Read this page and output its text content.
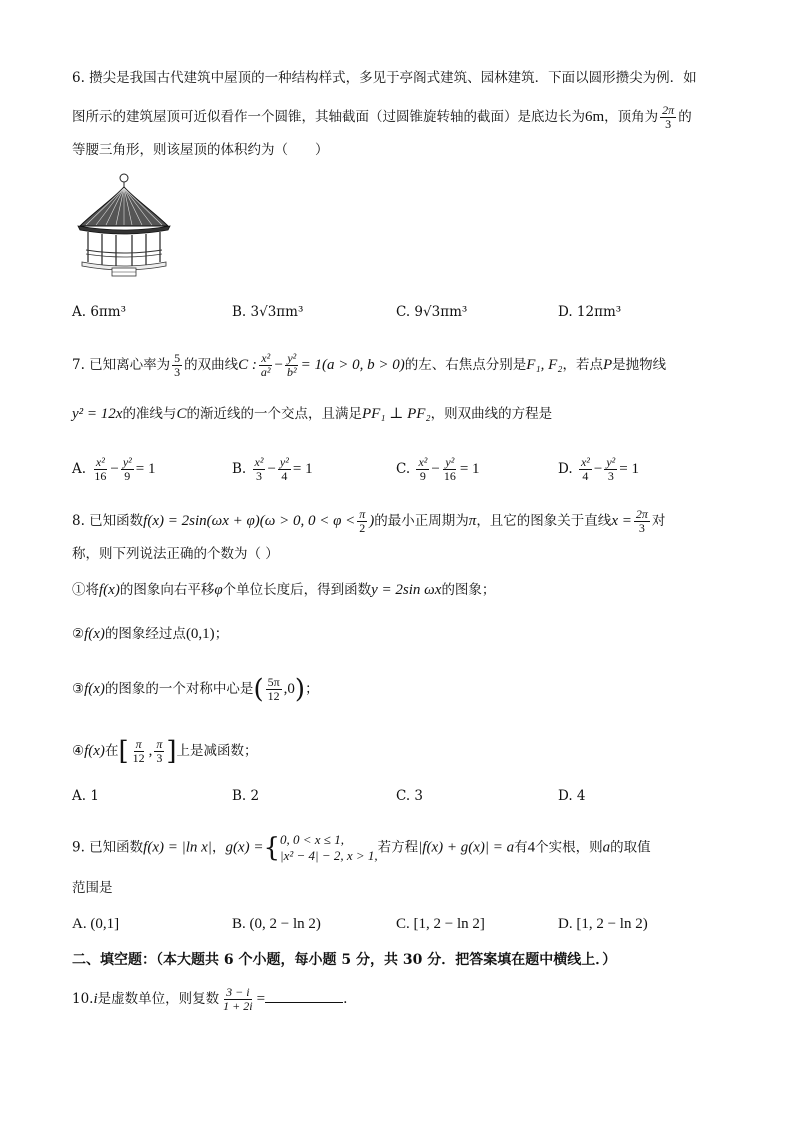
6. 攒尖是我国古代建筑中屋顶的一种结构样式，多见于亭阁式建筑、园林建筑．下面以圆形攒尖为例．如
图所示的建筑屋顶可近似看作一个圆锥，其轴截面（过圆锥旋转轴的截面）是底边长为6m，顶角为 $\frac{2\pi}{3}$ 的
等腰三角形，则该屋顶的体积约为（　　）
A. 6πm³	B. 3√3πm³	C. 9√3πm³	D. 12πm³
7. 已知离心率为 $\frac{5}{3}$ 的双曲线C : $\frac{\text{x²}}{\text{a²}} - \frac{\text{y²}}{\text{b²}} = 1(a > 0$, b > 0)的左、右焦点分别是F₁, F₂，若点P是抛物线
y² = 12x的准线与C的渐近线的一个交点，且满足PF₁ ⊥ PF₂，则双曲线的方程是
A. $\frac{\text{x²}}{16} - \frac{\text{y²}}{9} = 1$	B. $\frac{\text{x²}}{3} - \frac{\text{y²}}{4} = 1$	C. $\frac{\text{x²}}{9} - \frac{\text{y²}}{16} = 1$	D. $\frac{\text{x²}}{4} - \frac{\text{y²}}{3} = 1$
8. 已知函数f(x) = 2sin(ωx + φ)(ω > 0, $0 < \varphi < \frac{\pi}{2}$ )的最小正周期为π，且它的图象关于直线$x = \frac{2\pi}{3}$ 对
称，则下列说法正确的个数为（ ）
①将f(x)的图象向右平移φ个单位长度后，得到函数y = 2sin ωx的图象；
②f(x)的图象经过点(0,1)；
③f(x)的图象的一个对称中心是( $\frac{5\pi}{12} ,0$)；
④f(x)在[ $\frac{\pi}{12}$ , $\frac{\pi}{3}$ ]上是减函数；
A. 1	B. 2	C. 3	D. 4
9. 已知函数f(x) = |ln x|，g(x) ={ 0, 0 < x ≤ 1,
|x² − 4| − 2, x > 1, 若方程|f(x) + g(x)| = a有4个实根，则a的取值
范围是
A. (0,1]	B. (0, 2 − ln 2)	C. [1, 2 − ln 2]	D. [1, 2 − ln 2)
二、填空题：（本大题共 6 个小题，每小题 5 分，共 30 分．把答案填在题中横线上．）
10.i是虚数单位，则复数 $\frac{3 - i}{1 + 2i}$ =	.
